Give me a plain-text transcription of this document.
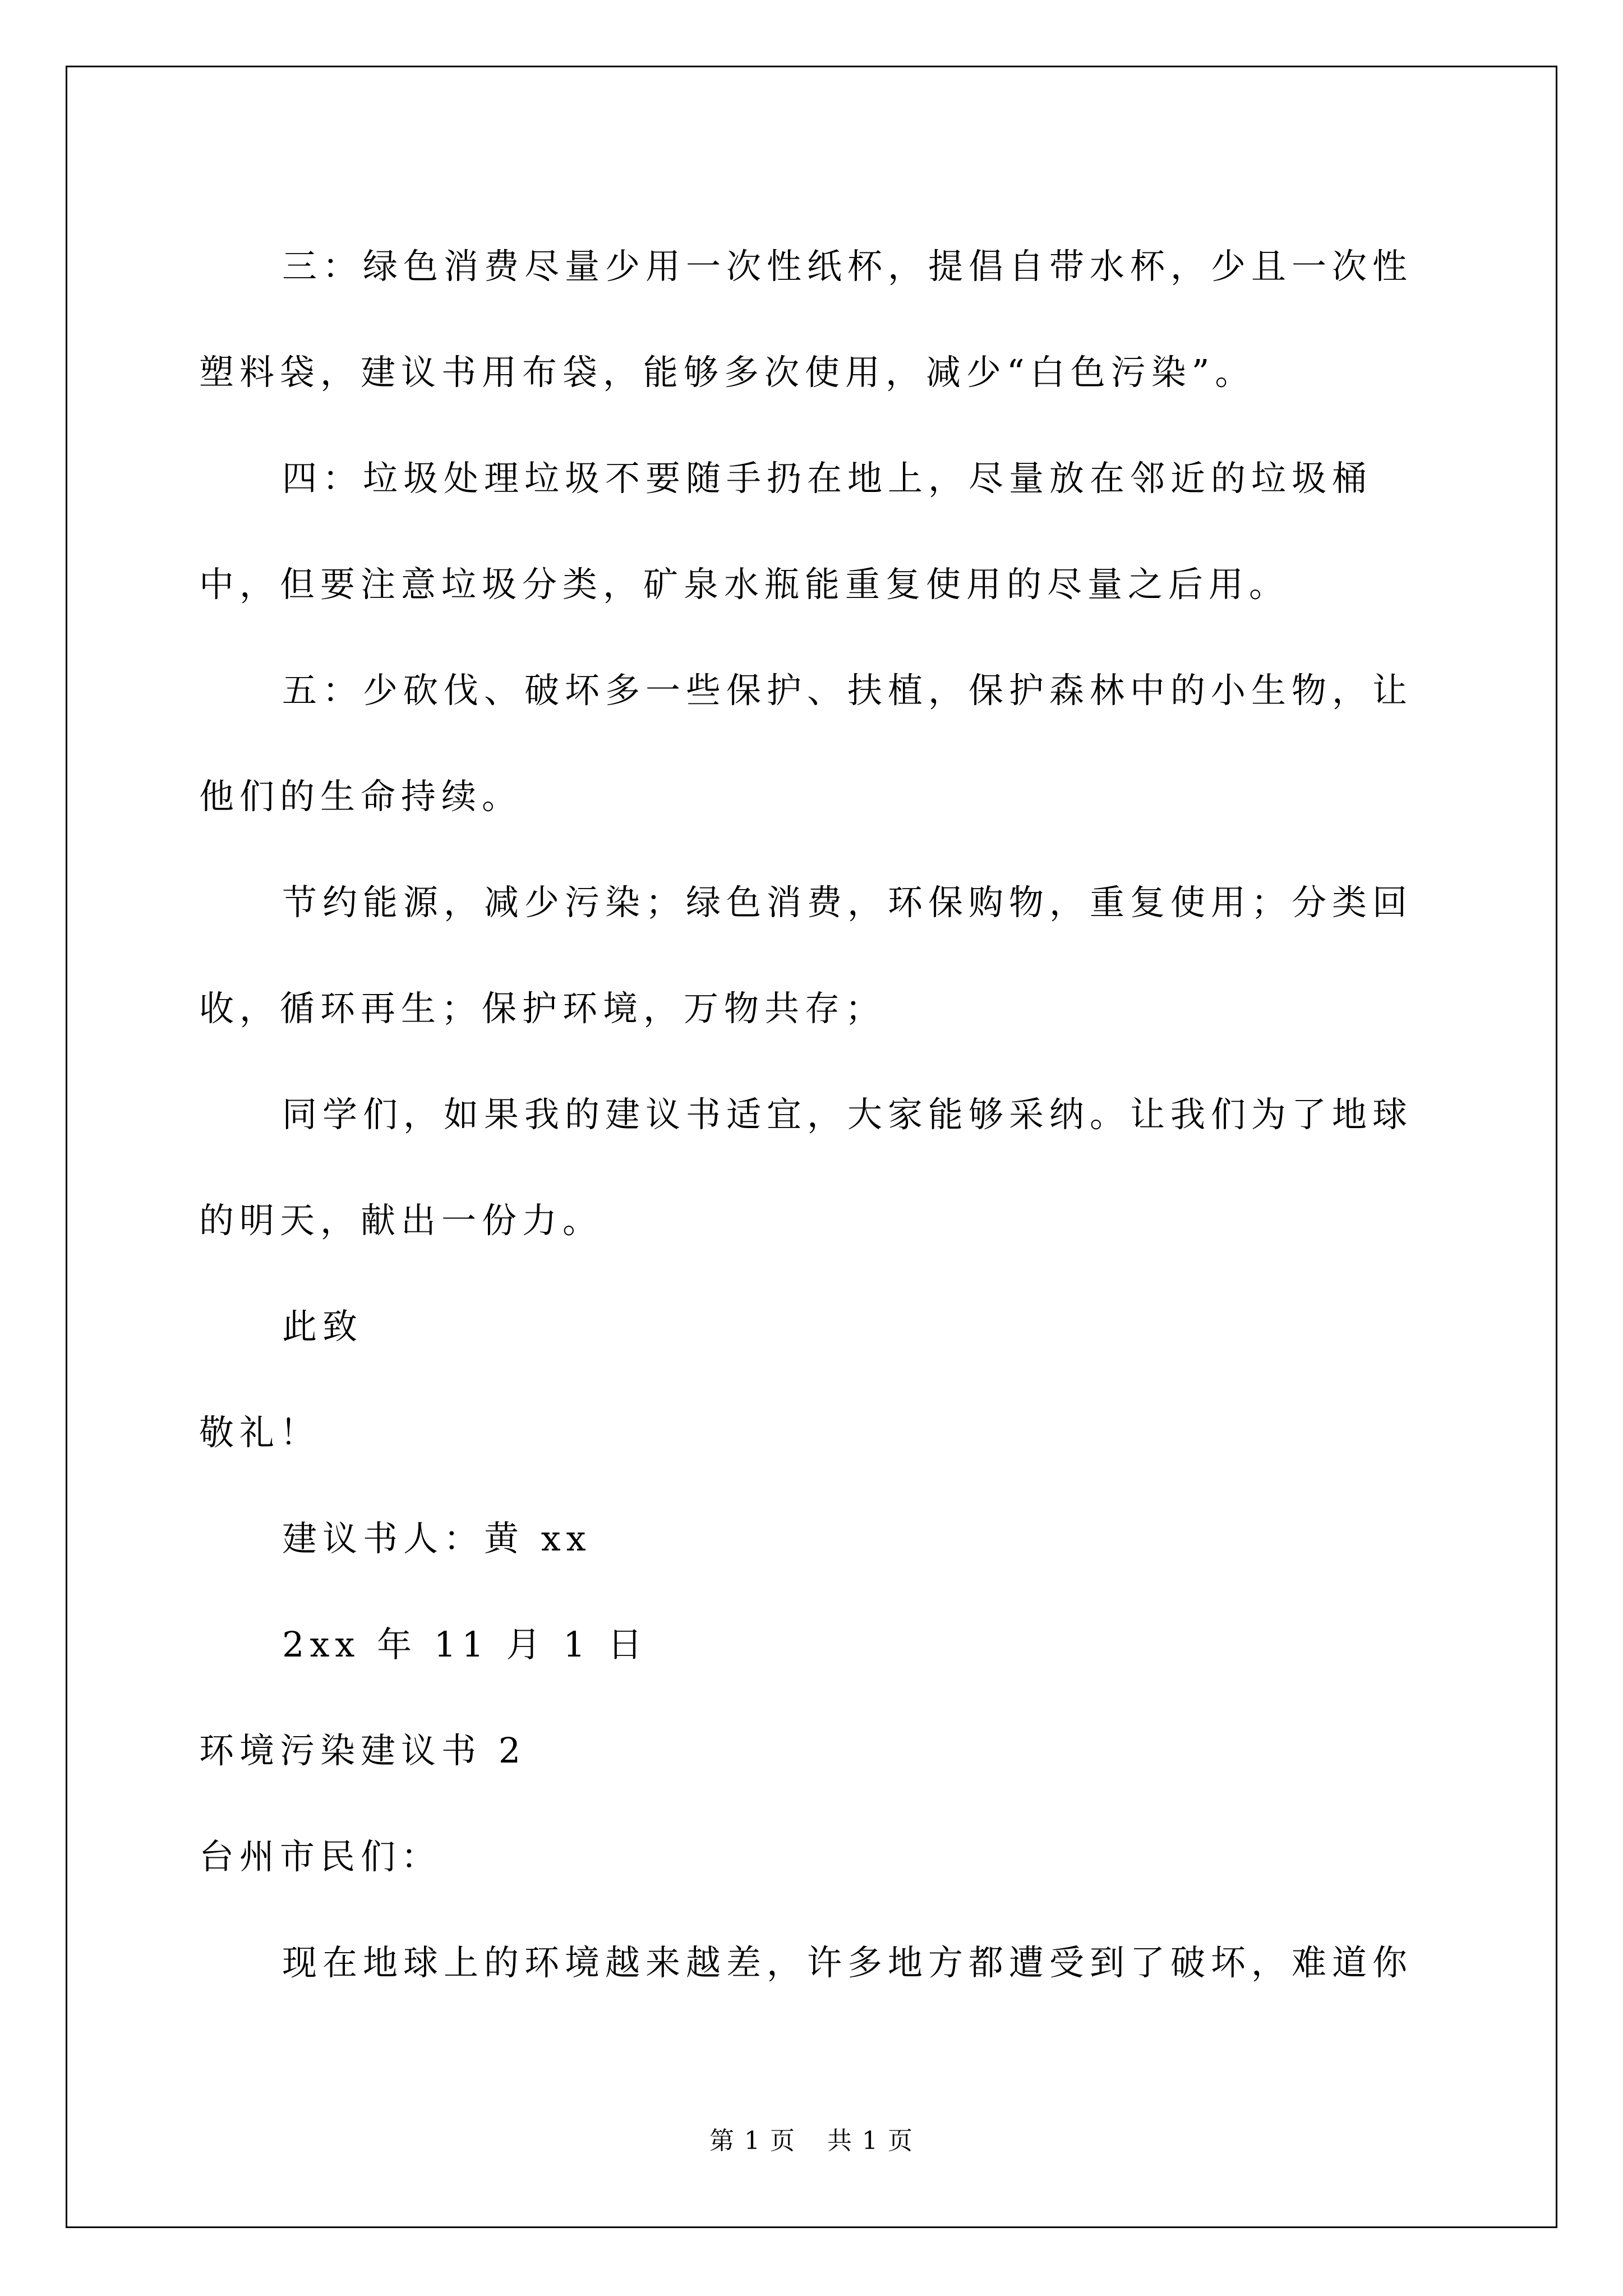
三：绿色消费尽量少用一次性纸杯，提倡自带水杯，少且一次性塑料袋，建议书用布袋，能够多次使用，减少“白色污染”。

四：垃圾处理垃圾不要随手扔在地上，尽量放在邻近的垃圾桶中，但要注意垃圾分类，矿泉水瓶能重复使用的尽量之后用。

五：少砍伐、破坏多一些保护、扶植，保护森林中的小生物，让他们的生命持续。

节约能源，减少污染；绿色消费，环保购物，重复使用；分类回收，循环再生；保护环境，万物共存；

同学们，如果我的建议书适宜，大家能够采纳。让我们为了地球的明天，献出一份力。

此致

敬礼！

建议书人：黄 xx

2xx 年 11 月 1 日

环境污染建议书 2

台州市民们：

现在地球上的环境越来越差，许多地方都遭受到了破坏，难道你

第 1 页 共 1 页
